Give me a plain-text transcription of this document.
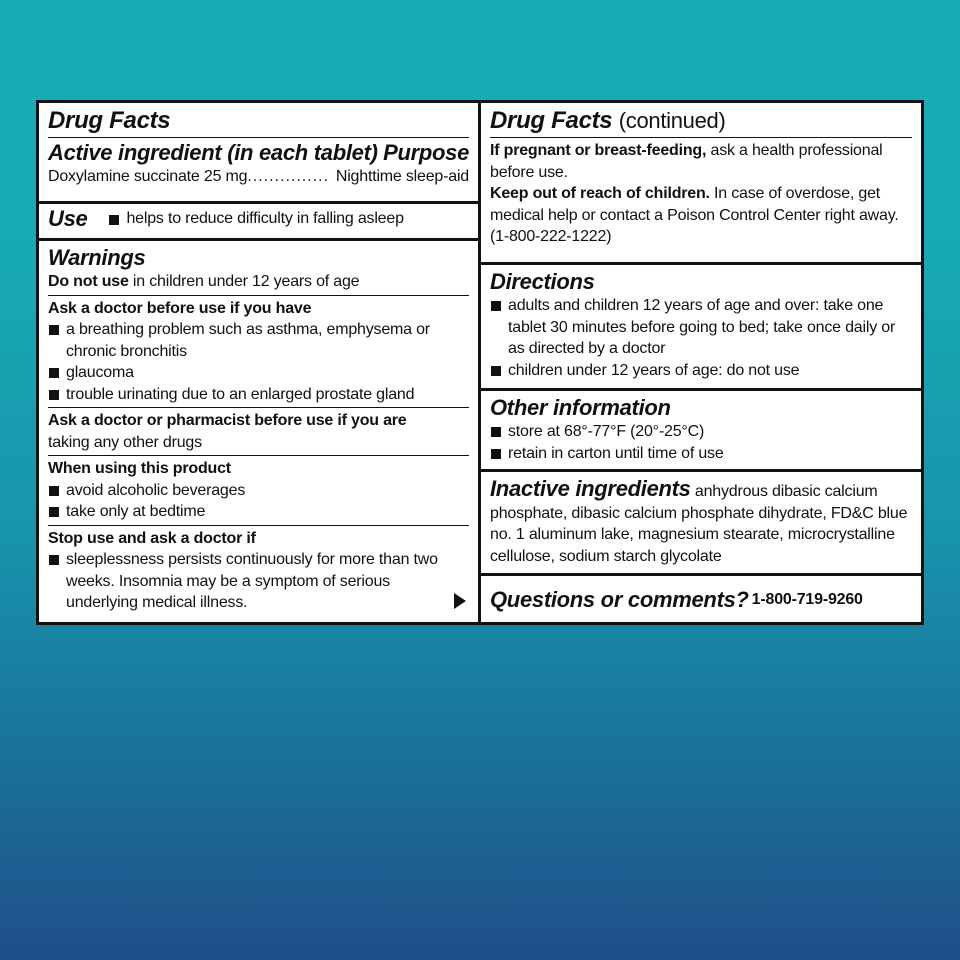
Drug Facts
Active ingredient (in each tablet) Purpose
Doxylamine succinate 25 mg ............... Nighttime sleep-aid
Use helps to reduce difficulty in falling asleep
Warnings
Do not use in children under 12 years of age
Ask a doctor before use if you have
a breathing problem such as asthma, emphysema or chronic bronchitis
glaucoma
trouble urinating due to an enlarged prostate gland
Ask a doctor or pharmacist before use if you are
taking any other drugs
When using this product
avoid alcoholic beverages
take only at bedtime
Stop use and ask a doctor if
sleeplessness persists continuously for more than two weeks. Insomnia may be a symptom of serious underlying medical illness.
Drug Facts (continued)
If pregnant or breast-feeding, ask a health professional before use.
Keep out of reach of children. In case of overdose, get medical help or contact a Poison Control Center right away. (1-800-222-1222)
Directions
adults and children 12 years of age and over: take one tablet 30 minutes before going to bed; take once daily or as directed by a doctor
children under 12 years of age: do not use
Other information
store at 68°-77°F (20°-25°C)
retain in carton until time of use
Inactive ingredients anhydrous dibasic calcium phosphate, dibasic calcium phosphate dihydrate, FD&C blue no. 1 aluminum lake, magnesium stearate, microcrystalline cellulose, sodium starch glycolate
Questions or comments? 1-800-719-9260
